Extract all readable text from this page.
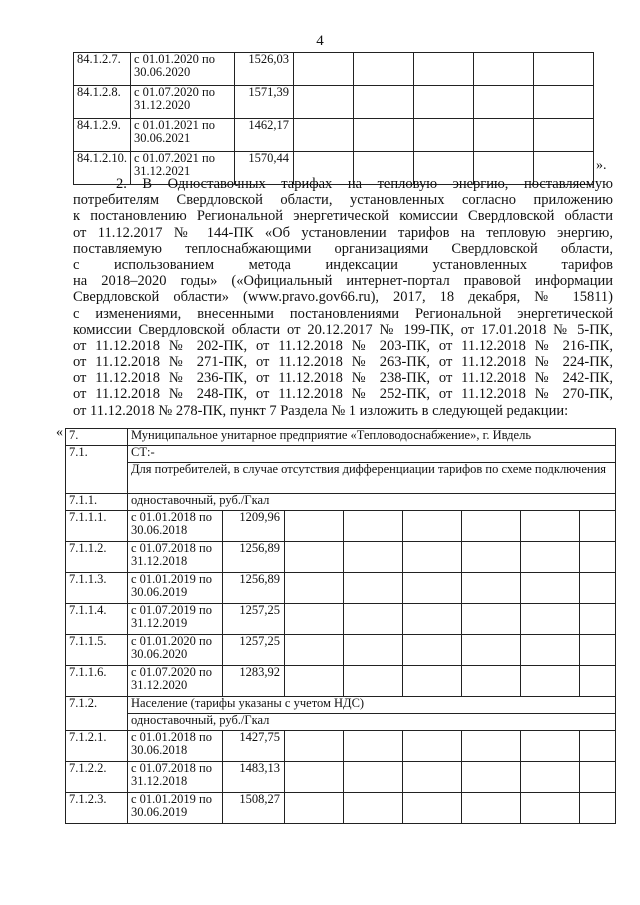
4
84.1.2.7.	с 01.01.2020 по 30.06.2020	1526,03					
84.1.2.8.	с 01.07.2020 по 31.12.2020	1571,39					
84.1.2.9.	с 01.01.2021 по 30.06.2021	1462,17					
84.1.2.10.	с 01.07.2021 по 31.12.2021	1570,44						».
2. В Одноставочных тарифах на тепловую энергию, поставляемую
потребителям Свердловской области, установленных согласно приложению
к постановлению Региональной энергетической комиссии Свердловской области
от 11.12.2017 № 144-ПК «Об установлении тарифов на тепловую энергию,
поставляемую теплоснабжающими организациями Свердловской области,
с использованием метода индексации установленных тарифов
на 2018–2020 годы» («Официальный интернет-портал правовой информации
Свердловской области» (www.pravo.gov66.ru), 2017, 18 декабря, № 15811)
с изменениями, внесенными постановлениями Региональной энергетической
комиссии Свердловской области от 20.12.2017 № 199-ПК, от 17.01.2018 № 5-ПК,
от 11.12.2018 № 202-ПК, от 11.12.2018 № 203-ПК, от 11.12.2018 № 216-ПК,
от 11.12.2018 № 271-ПК, от 11.12.2018 № 263-ПК, от 11.12.2018 № 224-ПК,
от 11.12.2018 № 236-ПК, от 11.12.2018 № 238-ПК, от 11.12.2018 № 242-ПК,
от 11.12.2018 № 248-ПК, от 11.12.2018 № 252-ПК, от 11.12.2018 № 270-ПК,
от 11.12.2018 № 278-ПК, пункт 7 Раздела № 1 изложить в следующей редакции:
« 7.	Муниципальное унитарное предприятие «Тепловодоснабжение», г. Ивдель							
7.1.	СТ:-							
	Для потребителей, в случае отсутствия дифференциации тарифов по схеме подключения							
7.1.1.	одноставочный, руб./Гкал							
7.1.1.1.	с 01.01.2018 по 30.06.2018	1209,96						
7.1.1.2.	с 01.07.2018 по 31.12.2018	1256,89						
7.1.1.3.	с 01.01.2019 по 30.06.2019	1256,89						
7.1.1.4.	с 01.07.2019 по 31.12.2019	1257,25						
7.1.1.5.	с 01.01.2020 по 30.06.2020	1257,25						
7.1.1.6.	с 01.07.2020 по 31.12.2020	1283,92						
7.1.2.	Население (тарифы указаны с учетом НДС)							
	одноставочный, руб./Гкал							
7.1.2.1.	с 01.01.2018 по 30.06.2018	1427,75						
7.1.2.2.	с 01.07.2018 по 31.12.2018	1483,13						
7.1.2.3.	с 01.01.2019 по 30.06.2019	1508,27						
